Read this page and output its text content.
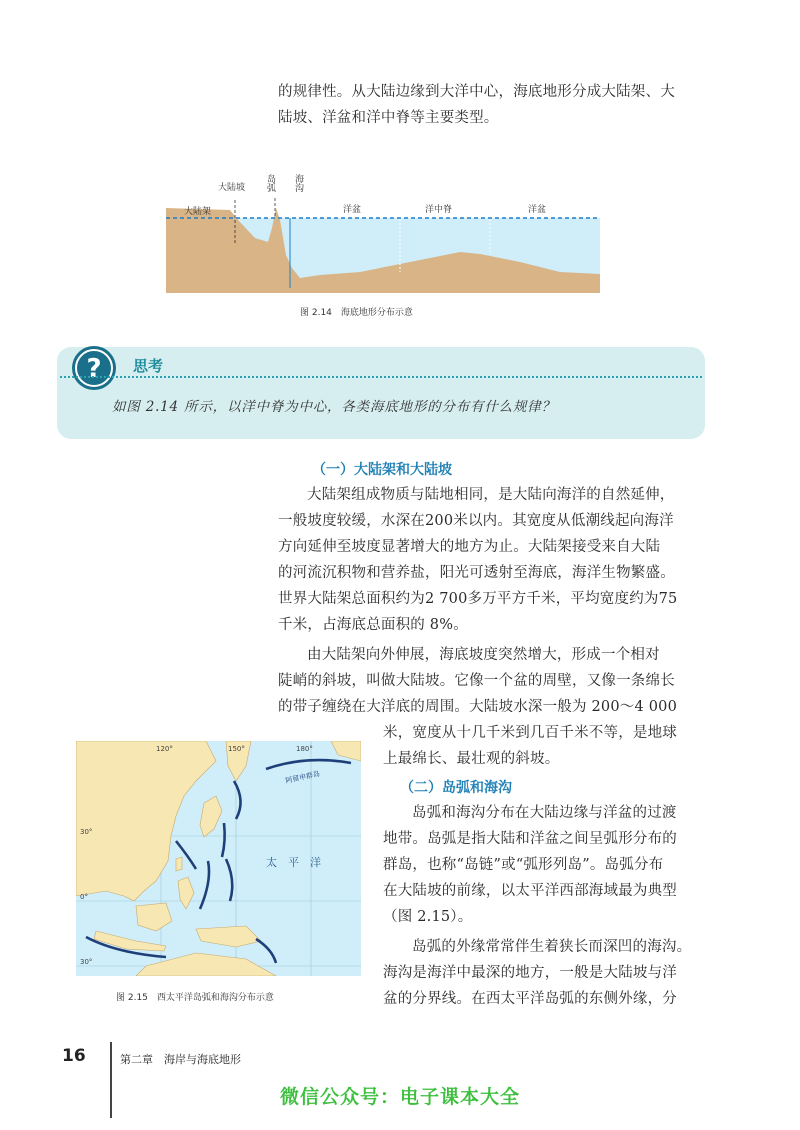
的规律性。从大陆边缘到大洋中心，海底地形分成大陆架、大

陆坡、洋盆和洋中脊等主要类型。

大陆架
大陆坡 岛弧 海沟
洋盆	洋中脊	洋盆
图 2.14　海底地形分布示意
? 思考
如图 2.14 所示，以洋中脊为中心，各类海底地形的分布有什么规律？
（一）大陆架和大陆坡

大陆架组成物质与陆地相同，是大陆向海洋的自然延伸，

一般坡度较缓，水深在200米以内。其宽度从低潮线起向海洋

方向延伸至坡度显著增大的地方为止。大陆架接受来自大陆

的河流沉积物和营养盐，阳光可透射至海底，海洋生物繁盛。

世界大陆架总面积约为2 700多万平方千米，平均宽度约为75

千米，占海底总面积的 8%。

由大陆架向外伸展，海底坡度突然增大，形成一个相对

陡峭的斜坡，叫做大陆坡。它像一个盆的周壁，又像一条绵长

的带子缠绕在大洋底的周围。大陆坡水深一般为 200～4 000

米，宽度从十几千米到几百千米不等，是地球

上最绵长、最壮观的斜坡。

（二）岛弧和海沟

岛弧和海沟分布在大陆边缘与洋盆的过渡

地带。岛弧是指大陆和洋盆之间呈弧形分布的

群岛，也称“岛链”或“弧形列岛”。岛弧分布

在大陆坡的前缘，以太平洋西部海域最为典型

（图 2.15）。

岛弧的外缘常常伴生着狭长而深凹的海沟。

海沟是海洋中最深的地方，一般是大陆坡与洋

盆的分界线。在西太平洋岛弧的东侧外缘，分

120°	150°	180°
30°
0°
30°
太　平　洋
阿留申群岛
图 2.15　西太平洋岛弧和海沟分布示意
16	第二章　海岸与海底地形
微信公众号：电子课本大全
